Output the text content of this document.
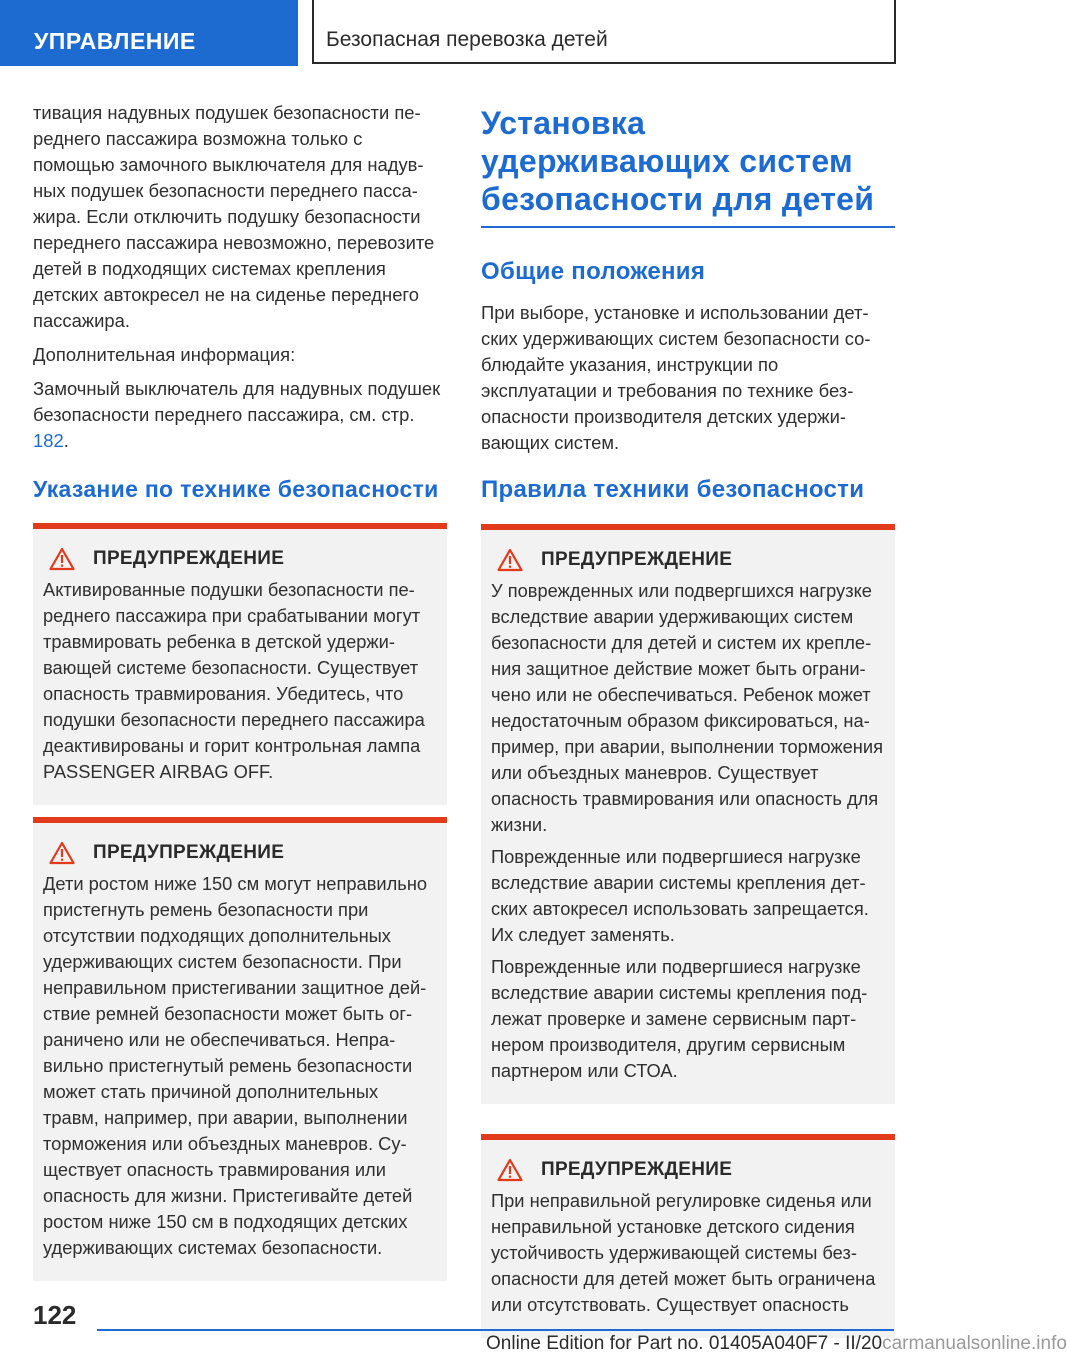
УПРАВЛЕНИЕ	Безопасная перевозка детей

тивация надувных подушек безопасности переднего пассажира возможна только с помощью замочного выключателя для надувных подушек безопасности переднего пассажира. Если отключить подушку безопасности переднего пассажира невозможно, перевозите детей в подходящих системах крепления детских автокресел не на сиденье переднего пассажира.

Дополнительная информация:

Замочный выключатель для надувных подушек безопасности переднего пассажира, см. стр. 182.

Указание по технике безопасности
ПРЕДУПРЕЖДЕНИЕ

Активированные подушки безопасности переднего пассажира при срабатывании могут травмировать ребенка в детской удерживающей системе безопасности. Существует опасность травмирования. Убедитесь, что подушки безопасности переднего пассажира деактивированы и горит контрольная лампа PASSENGER AIRBAG OFF.

ПРЕДУПРЕЖДЕНИЕ

Дети ростом ниже 150 см могут неправильно пристегнуть ремень безопасности при отсутствии подходящих дополнительных удерживающих систем безопасности. При неправильном пристегивании защитное действие ремней безопасности может быть ограничено или не обеспечиваться. Неправильно пристегнутый ремень безопасности может стать причиной дополнительных травм, например, при аварии, выполнении торможения или объездных маневров. Существует опасность травмирования или опасность для жизни. Пристегивайте детей ростом ниже 150 см в подходящих детских удерживающих системах безопасности.

Установка удерживающих систем безопасности для детей
Общие положения

При выборе, установке и использовании детских удерживающих систем безопасности соблюдайте указания, инструкции по эксплуатации и требования по технике безопасности производителя детских удерживающих систем.

Правила техники безопасности
ПРЕДУПРЕЖДЕНИЕ

У поврежденных или подвергшихся нагрузке вследствие аварии удерживающих систем безопасности для детей и систем их крепления защитное действие может быть ограничено или не обеспечиваться. Ребенок может недостаточным образом фиксироваться, например, при аварии, выполнении торможения или объездных маневров. Существует опасность травмирования или опасность для жизни.

Поврежденные или подвергшиеся нагрузке вследствие аварии системы крепления детских автокресел использовать запрещается. Их следует заменять.

Поврежденные или подвергшиеся нагрузке вследствие аварии системы крепления подлежат проверке и замене сервисным партнером производителя, другим сервисным партнером или СТОА.

ПРЕДУПРЕЖДЕНИЕ

При неправильной регулировке сиденья или неправильной установке детского сидения устойчивость удерживающей системы безопасности для детей может быть ограничена или отсутствовать. Существует опасность

122
Online Edition for Part no. 01405A040F7 - II/20carmanualsonline.info
